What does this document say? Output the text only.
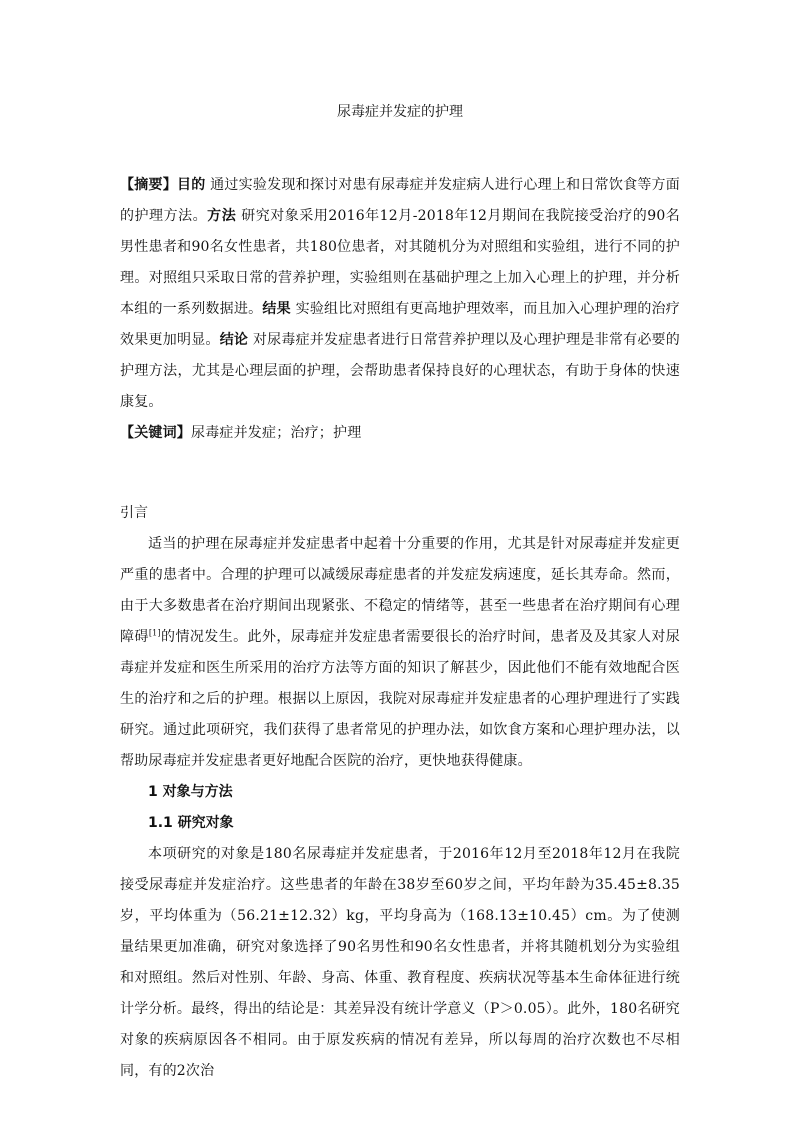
尿毒症并发症的护理

【摘要】目的 通过实验发现和探讨对患有尿毒症并发症病人进行心理上和日常饮食等方面的护理方法。方法 研究对象采用2016年12月-2018年12月期间在我院接受治疗的90名男性患者和90名女性患者，共180位患者，对其随机分为对照组和实验组，进行不同的护理。对照组只采取日常的营养护理，实验组则在基础护理之上加入心理上的护理，并分析本组的一系列数据进。结果 实验组比对照组有更高地护理效率，而且加入心理护理的治疗效果更加明显。结论 对尿毒症并发症患者进行日常营养护理以及心理护理是非常有必要的护理方法，尤其是心理层面的护理，会帮助患者保持良好的心理状态，有助于身体的快速康复。

【关键词】尿毒症并发症；治疗；护理

引言

适当的护理在尿毒症并发症患者中起着十分重要的作用，尤其是针对尿毒症并发症更严重的患者中。合理的护理可以减缓尿毒症患者的并发症发病速度，延长其寿命。然而，由于大多数患者在治疗期间出现紧张、不稳定的情绪等，甚至一些患者在治疗期间有心理障碍[1]的情况发生。此外，尿毒症并发症患者需要很长的治疗时间，患者及及其家人对尿毒症并发症和医生所采用的治疗方法等方面的知识了解甚少，因此他们不能有效地配合医生的治疗和之后的护理。根据以上原因，我院对尿毒症并发症患者的心理护理进行了实践研究。通过此项研究，我们获得了患者常见的护理办法，如饮食方案和心理护理办法，以帮助尿毒症并发症患者更好地配合医院的治疗，更快地获得健康。

1 对象与方法
1.1 研究对象

本项研究的对象是180名尿毒症并发症患者，于2016年12月至2018年12月在我院接受尿毒症并发症治疗。这些患者的年龄在38岁至60岁之间，平均年龄为35.45±8.35岁，平均体重为（56.21±12.32）kg，平均身高为（168.13±10.45）cm。为了使测量结果更加准确，研究对象选择了90名男性和90名女性患者，并将其随机划分为实验组和对照组。然后对性别、年龄、身高、体重、教育程度、疾病状况等基本生命体征进行统计学分析。最终，得出的结论是：其差异没有统计学意义（P＞0.05）。此外，180名研究对象的疾病原因各不相同。由于原发疾病的情况有差异，所以每周的治疗次数也不尽相同，有的2次治
